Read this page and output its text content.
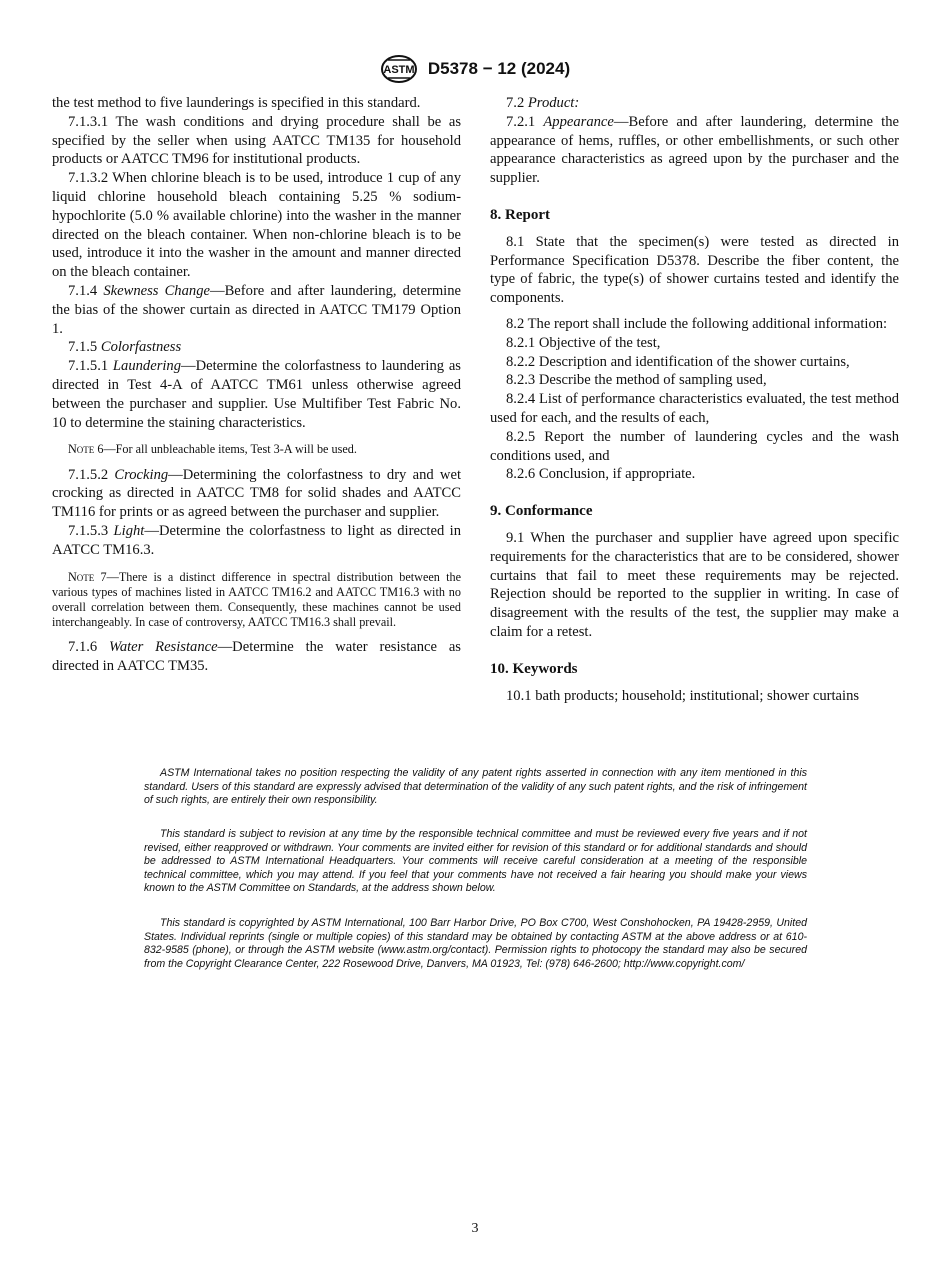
ASTM D5378 − 12 (2024)

the test method to five launderings is specified in this standard.

7.1.3.1 The wash conditions and drying procedure shall be as specified by the seller when using AATCC TM135 for household products or AATCC TM96 for institutional products.

7.1.3.2 When chlorine bleach is to be used, introduce 1 cup of any liquid chlorine household bleach containing 5.25 % sodium-hypochlorite (5.0 % available chlorine) into the washer in the manner directed on the bleach container. When non-chlorine bleach is to be used, introduce it into the washer in the amount and manner directed on the bleach container.

7.1.4 Skewness Change—Before and after laundering, determine the bias of the shower curtain as directed in AATCC TM179 Option 1.

7.1.5 Colorfastness

7.1.5.1 Laundering—Determine the colorfastness to laundering as directed in Test 4-A of AATCC TM61 unless otherwise agreed between the purchaser and supplier. Use Multifiber Test Fabric No. 10 to determine the staining characteristics.

Note 6—For all unbleachable items, Test 3-A will be used.

7.1.5.2 Crocking—Determining the colorfastness to dry and wet crocking as directed in AATCC TM8 for solid shades and AATCC TM116 for prints or as agreed between the purchaser and supplier.

7.1.5.3 Light—Determine the colorfastness to light as directed in AATCC TM16.3.

Note 7—There is a distinct difference in spectral distribution between the various types of machines listed in AATCC TM16.2 and AATCC TM16.3 with no overall correlation between them. Consequently, these machines cannot be used interchangeably. In case of controversy, AATCC TM16.3 shall prevail.

7.1.6 Water Resistance—Determine the water resistance as directed in AATCC TM35.

7.2 Product:

7.2.1 Appearance—Before and after laundering, determine the appearance of hems, ruffles, or other embellishments, or such other appearance characteristics as agreed upon by the purchaser and the supplier.

8. Report

8.1 State that the specimen(s) were tested as directed in Performance Specification D5378. Describe the fiber content, the type of fabric, the type(s) of shower curtains tested and identify the components.

8.2 The report shall include the following additional information:

8.2.1 Objective of the test,

8.2.2 Description and identification of the shower curtains,

8.2.3 Describe the method of sampling used,

8.2.4 List of performance characteristics evaluated, the test method used for each, and the results of each,

8.2.5 Report the number of laundering cycles and the wash conditions used, and

8.2.6 Conclusion, if appropriate.

9. Conformance

9.1 When the purchaser and supplier have agreed upon specific requirements for the characteristics that are to be considered, shower curtains that fail to meet these requirements may be rejected. Rejection should be reported to the supplier in writing. In case of disagreement with the results of the test, the supplier may make a claim for a retest.

10. Keywords

10.1 bath products; household; institutional; shower curtains

ASTM International takes no position respecting the validity of any patent rights asserted in connection with any item mentioned in this standard. Users of this standard are expressly advised that determination of the validity of any such patent rights, and the risk of infringement of such rights, are entirely their own responsibility.

This standard is subject to revision at any time by the responsible technical committee and must be reviewed every five years and if not revised, either reapproved or withdrawn. Your comments are invited either for revision of this standard or for additional standards and should be addressed to ASTM International Headquarters. Your comments will receive careful consideration at a meeting of the responsible technical committee, which you may attend. If you feel that your comments have not received a fair hearing you should make your views known to the ASTM Committee on Standards, at the address shown below.

This standard is copyrighted by ASTM International, 100 Barr Harbor Drive, PO Box C700, West Conshohocken, PA 19428-2959, United States. Individual reprints (single or multiple copies) of this standard may be obtained by contacting ASTM at the above address or at 610-832-9585 (phone), or through the ASTM website (www.astm.org/contact). Permission rights to photocopy the standard may also be secured from the Copyright Clearance Center, 222 Rosewood Drive, Danvers, MA 01923, Tel: (978) 646-2600; http://www.copyright.com/

3
